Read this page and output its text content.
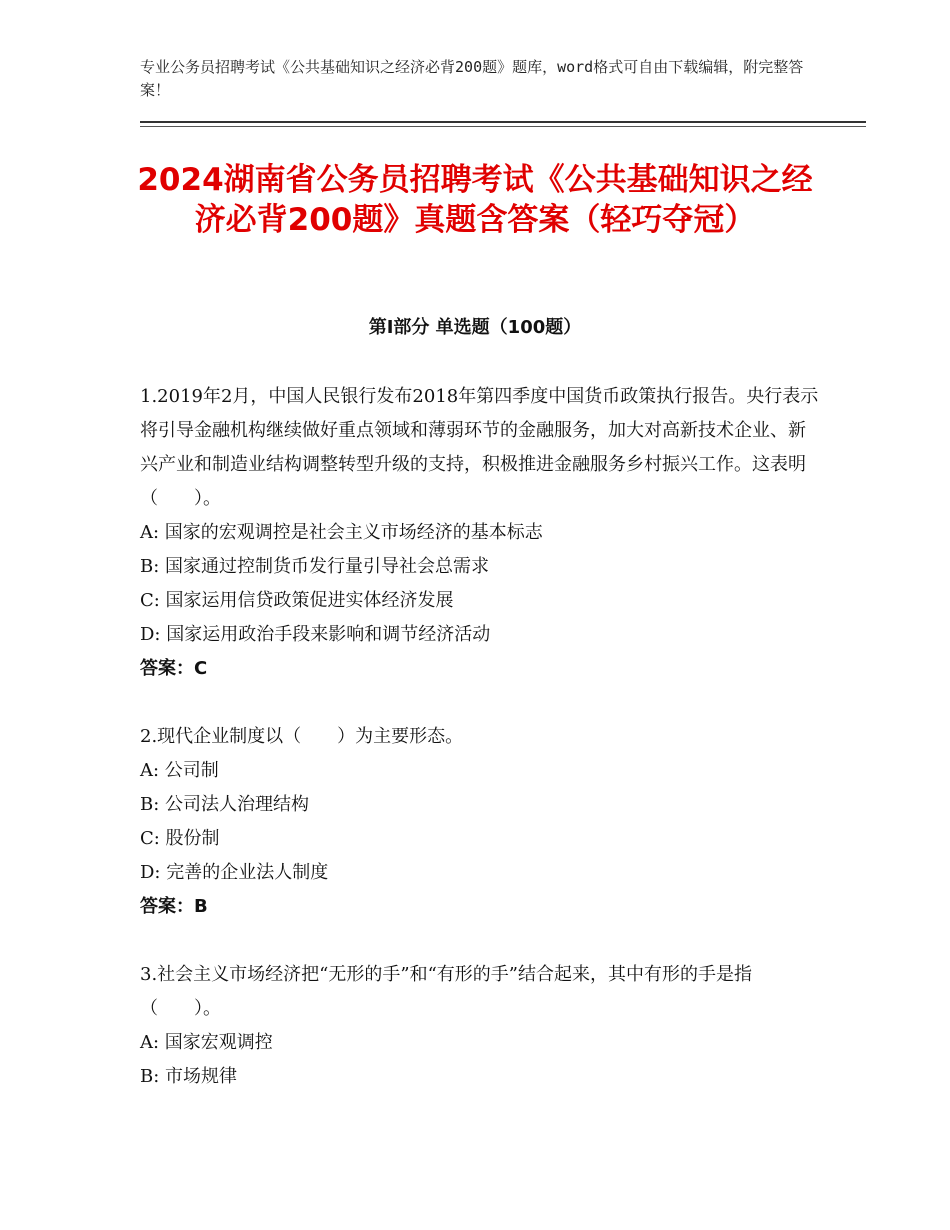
专业公务员招聘考试《公共基础知识之经济必背200题》题库，word格式可自由下载编辑，附完整答案！
2024湖南省公务员招聘考试《公共基础知识之经济必背200题》真题含答案（轻巧夺冠）
第Ⅰ部分 单选题（100题）

1.2019年2月，中国人民银行发布2018年第四季度中国货币政策执行报告。央行表示将引导金融机构继续做好重点领域和薄弱环节的金融服务，加大对高新技术企业、新兴产业和制造业结构调整转型升级的支持，积极推进金融服务乡村振兴工作。这表明（　　）。

A: 国家的宏观调控是社会主义市场经济的基本标志

B: 国家通过控制货币发行量引导社会总需求

C: 国家运用信贷政策促进实体经济发展

D: 国家运用政治手段来影响和调节经济活动

答案：C

2.现代企业制度以（　　）为主要形态。

A: 公司制

B: 公司法人治理结构

C: 股份制

D: 完善的企业法人制度

答案：B

3.社会主义市场经济把“无形的手”和“有形的手”结合起来，其中有形的手是指（　　）。

A: 国家宏观调控

B: 市场规律
